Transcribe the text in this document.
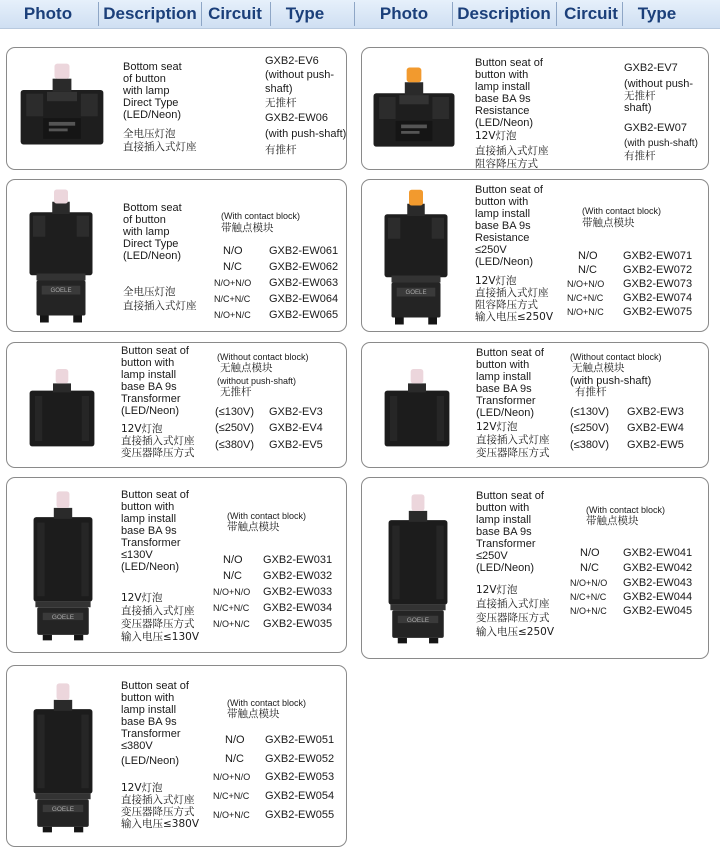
Photo	Description Circuit	Type	Photo	Description Circuit	Type
Bottom seat
of button
with lamp
Direct Type
(LED/Neon)
全电压灯泡
直接插入式灯座
GXB2-EV6
(without push-
shaft)
无推杆
GXB2-EW06
(with push-shaft)
有推杆
Button seat of
button with
lamp install
base BA 9s
Resistance
(LED/Neon)
12V灯泡
直接插入式灯座
阻容降压方式
GXB2-EV7
(without push-
无推杆
shaft)
GXB2-EW07
(with push-shaft)
有推杆
GOELE
Bottom seat
of button
with lamp
Direct Type
(LED/Neon)
全电压灯泡
直接插入式灯座
(With contact block)
带触点模块
N/O GXB2-EW061
N/C GXB2-EW062
N/O+N/O GXB2-EW063
N/C+N/C GXB2-EW064
N/O+N/C GXB2-EW065
GOELE
Button seat of
button with
lamp install
base BA 9s
Resistance
≤250V
(LED/Neon)
12V灯泡
直接插入式灯座
阻容降压方式
输入电压≤250V
(With contact block)
带触点模块
N/O GXB2-EW071
N/C GXB2-EW072
N/O+N/O GXB2-EW073
N/C+N/C GXB2-EW074
N/O+N/C GXB2-EW075
Button seat of
button with
lamp install
base BA 9s
Transformer
(LED/Neon)
12V灯泡
直接插入式灯座
变压器降压方式
(Without contact block)
无触点模块
(without push-shaft)
无推杆
(≤130V) GXB2-EV3
(≤250V) GXB2-EV4
(≤380V) GXB2-EV5
Button seat of
button with
lamp install
base BA 9s
Transformer
(LED/Neon)
12V灯泡
直接插入式灯座
变压器降压方式
(Without contact block)
无触点模块
(with push-shaft)
有推杆
(≤130V) GXB2-EW3
(≤250V) GXB2-EW4
(≤380V) GXB2-EW5
GOELE
Button seat of
button with
lamp install
base BA 9s
Transformer
≤130V
(LED/Neon)
12V灯泡
直接插入式灯座
变压器降压方式
输入电压≤130V
(With contact block)
带触点模块
N/O GXB2-EW031
N/C GXB2-EW032
N/O+N/O GXB2-EW033
N/C+N/C GXB2-EW034
N/O+N/C GXB2-EW035	GOELE
Button seat of
button with
lamp install
base BA 9s
Transformer
≤250V
(LED/Neon)
12V灯泡
直接插入式灯座
变压器降压方式
输入电压≤250V
(With contact block)
带触点模块
N/O GXB2-EW041
N/C GXB2-EW042
N/O+N/O GXB2-EW043
N/C+N/C GXB2-EW044
N/O+N/C GXB2-EW045
GOELE
Button seat of
button with
lamp install
base BA 9s
Transformer
≤380V
(LED/Neon)
12V灯泡
直接插入式灯座
变压器降压方式
输入电压≤380V
(With contact block)
带触点模块
N/O GXB2-EW051
N/C GXB2-EW052
N/O+N/O GXB2-EW053
N/C+N/C GXB2-EW054
N/O+N/C GXB2-EW055
